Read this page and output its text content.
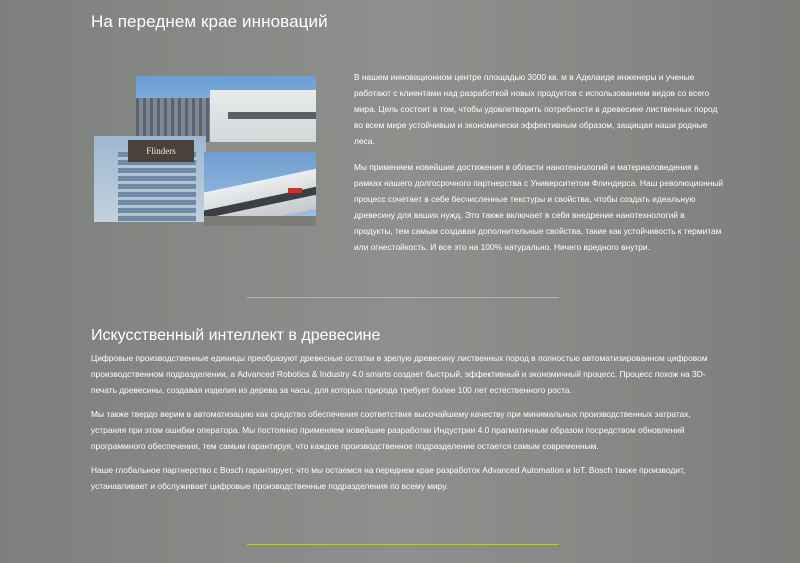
На переднем крае инноваций
Flinders

В нашем инновационном центре площадью 3000 кв. м в Аделаиде инженеры и ученые работают с клиентами над разработкой новых продуктов с использованием видов со всего мира. Цель состоит в том, чтобы удовлетворить потребности в древесине лиственных пород во всем мире устойчивым и экономически эффективным образом, защищая наши родные леса.

Мы применяем новейшие достижения в области нанотехнологий и материаловедения в рамках нашего долгосрочного партнерства с Университетом Флиндерса. Наш революционный процесс сочетает в себе бесчисленные текстуры и свойства, чтобы создать идеальную древесину для ваших нужд. Это также включает в себя внедрение нанотехнологий в продукты, тем самым создавая дополнительные свойства, такие как устойчивость к термитам или огнестойкость. И все это на 100% натурально. Ничего вредного внутри.

Искусственный интеллект в древесине

Цифровые производственные единицы преобразуют древесные остатки в зрелую древесину лиственных пород в полностью автоматизированном цифровом производственном подразделении, а Advanced Robotics & Industry 4.0 smarts создает быстрый, эффективный и экономичный процесс. Процесс похож на 3D-печать древесины, создавая изделия из дерева за часы, для которых природа требует более 100 лет естественного роста.

Мы также твердо верим в автоматизацию как средство обеспечения соответствия высочайшему качеству при минимальных производственных затратах, устраняя при этом ошибки оператора. Мы постоянно применяем новейшие разработки Индустрии 4.0 прагматичным образом посредством обновлений программного обеспечения, тем самым гарантируя, что каждое производственное подразделение остается самым современным.

Наше глобальное партнерство с Bosch гарантирует, что мы остаемся на переднем крае разработок Advanced Automation и IoT. Bosch также производит, устанавливает и обслуживает цифровые производственные подразделения по всему миру.
